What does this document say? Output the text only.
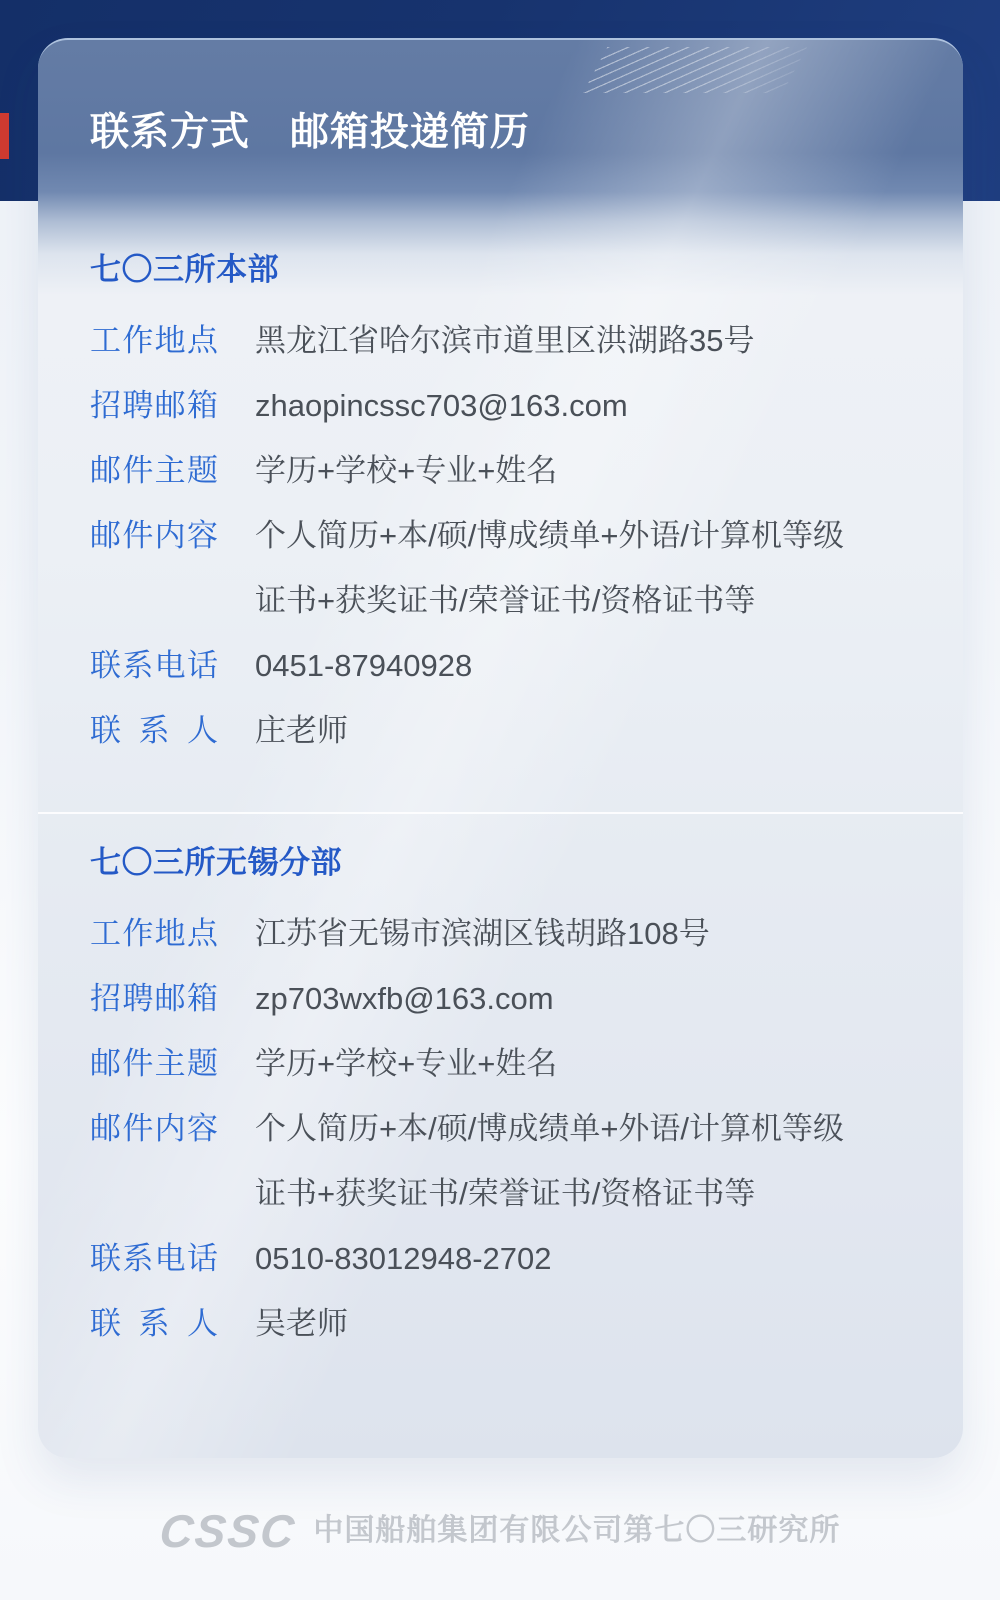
联系方式　邮箱投递简历
七〇三所本部
工作地点 黑龙江省哈尔滨市道里区洪湖路35号
招聘邮箱 zhaopincssc703@163.com
邮件主题 学历+学校+专业+姓名
邮件内容 个人简历+本/硕/博成绩单+外语/计算机等级
证书+获奖证书/荣誉证书/资格证书等
联系电话 0451-87940928
联系人 庄老师
七〇三所无锡分部
工作地点 江苏省无锡市滨湖区钱胡路108号
招聘邮箱 zp703wxfb@163.com
邮件主题 学历+学校+专业+姓名
邮件内容 个人简历+本/硕/博成绩单+外语/计算机等级
证书+获奖证书/荣誉证书/资格证书等
联系电话 0510-83012948-2702
联系人 吴老师
CSSC 中国船舶集团有限公司第七〇三研究所
